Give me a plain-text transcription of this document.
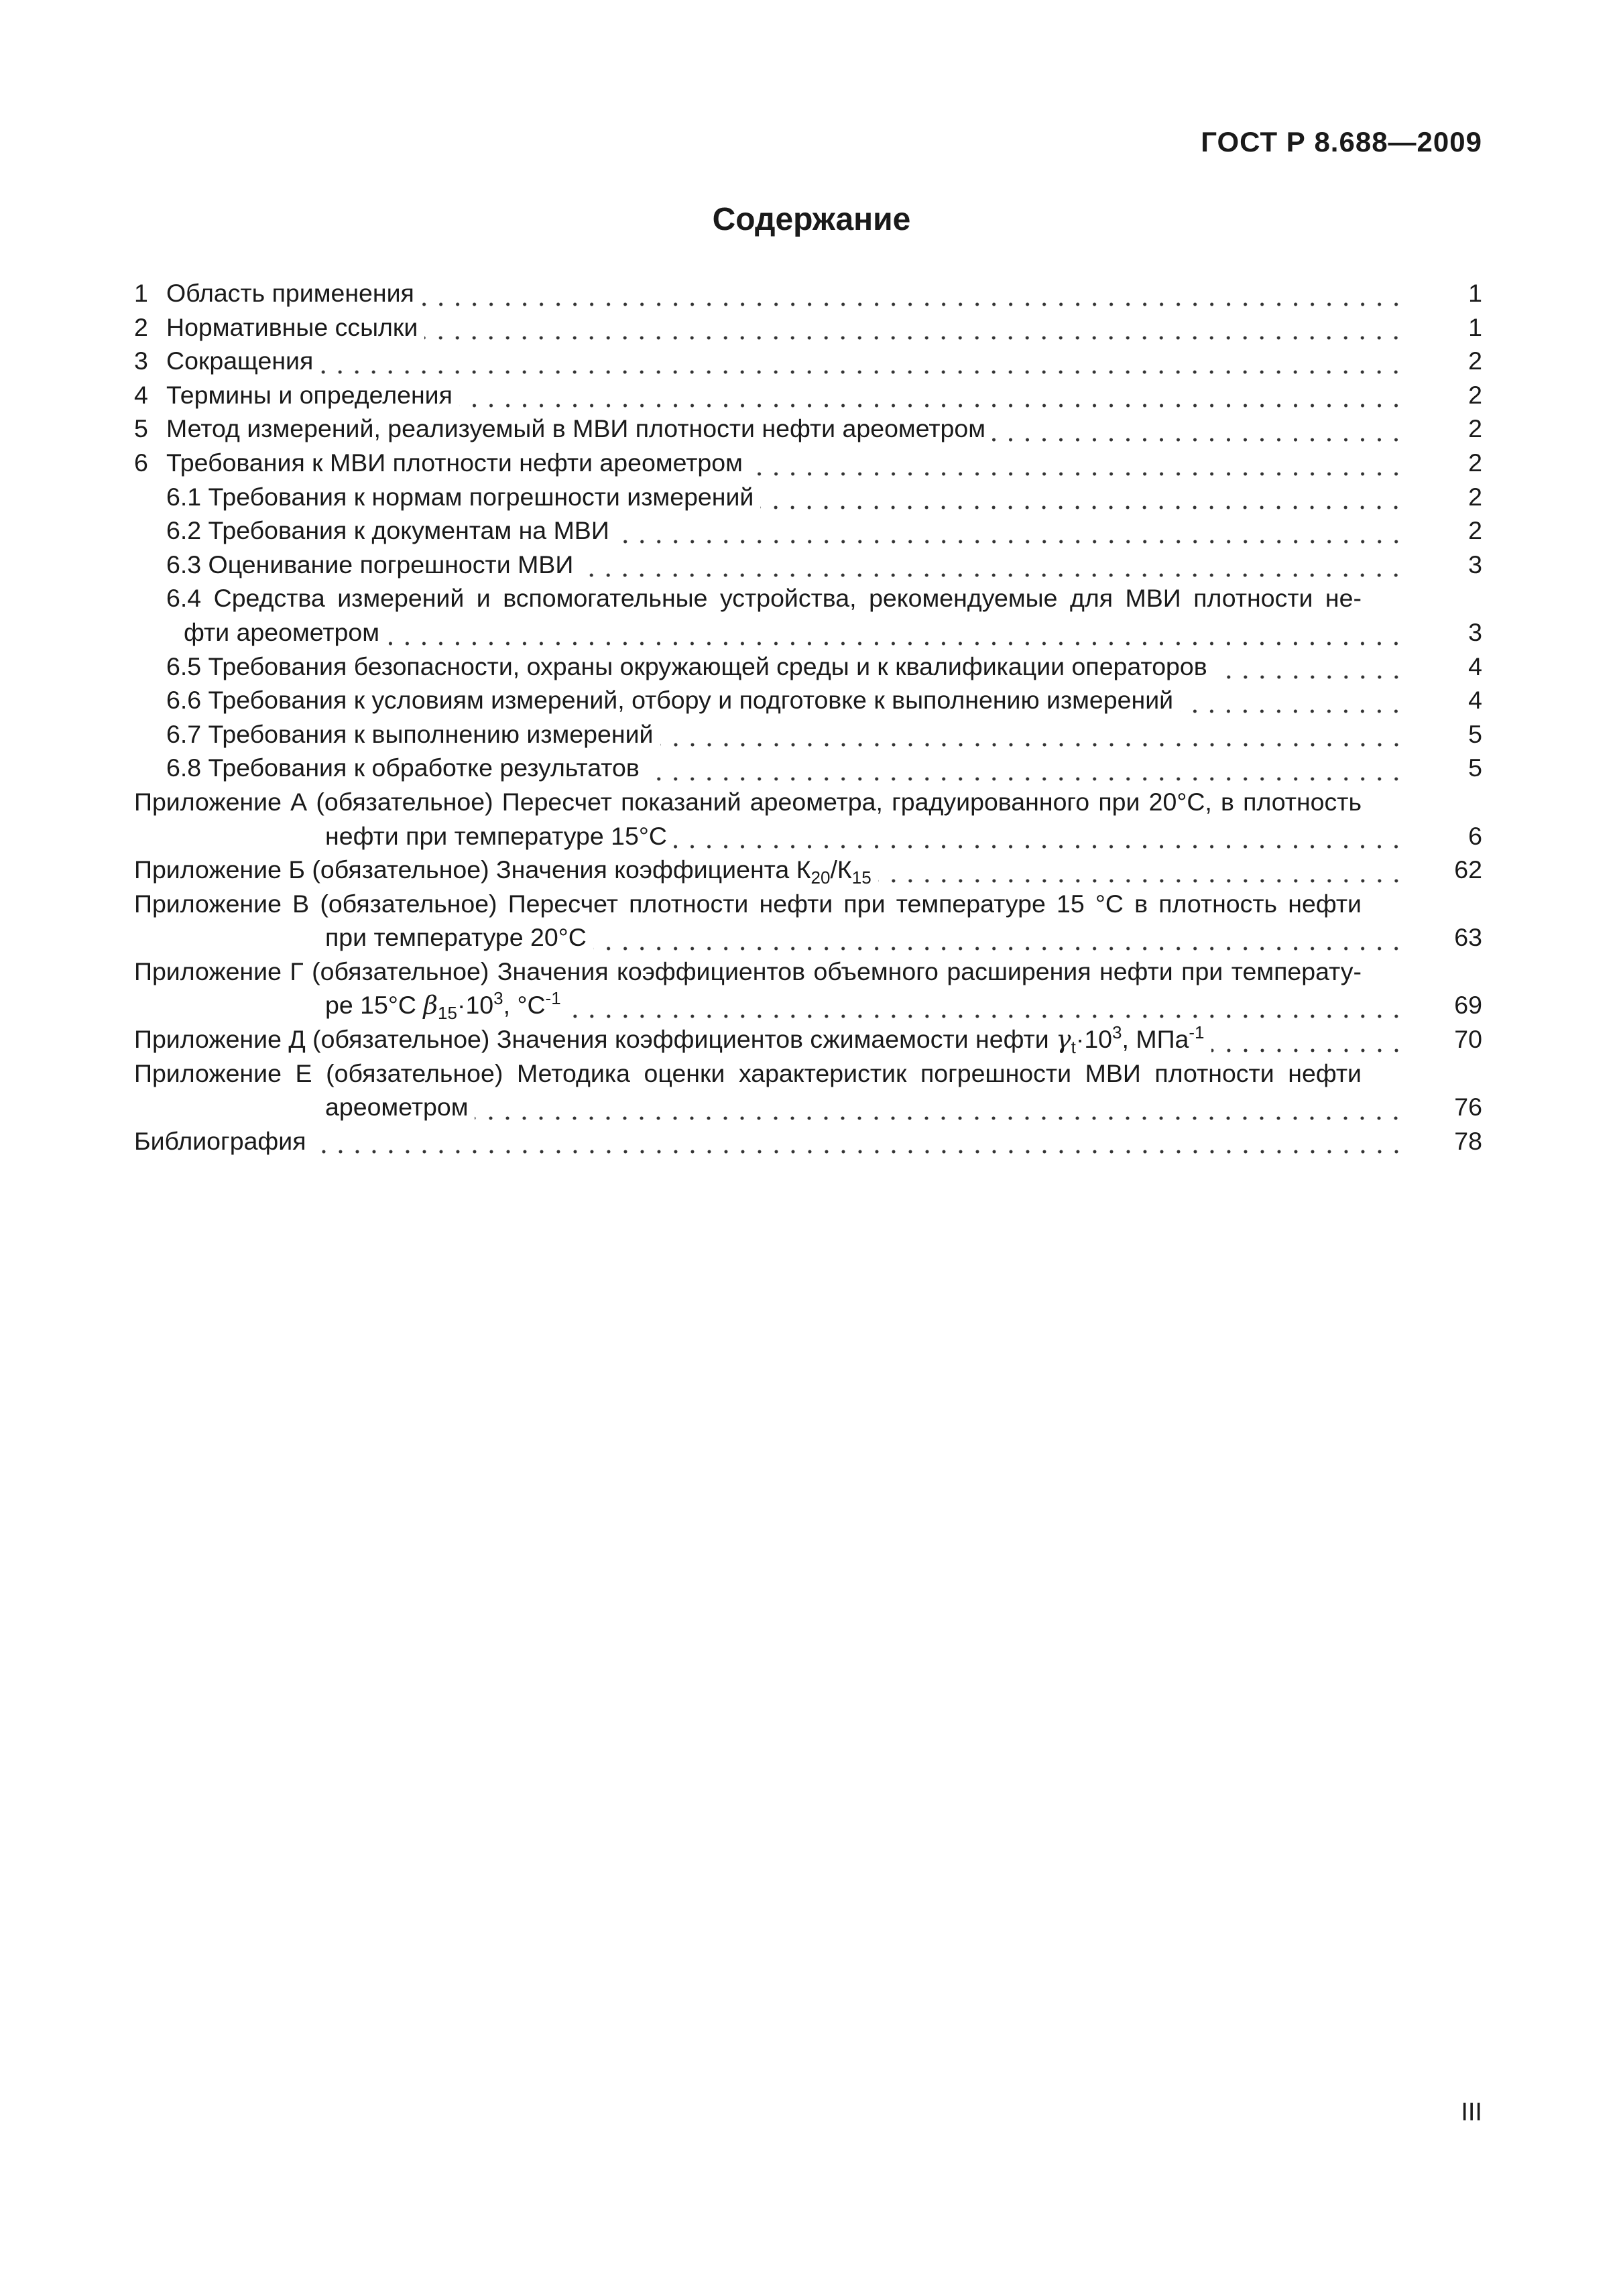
ГОСТ Р 8.688—2009
Содержание
1 Область применения	1
2 Нормативные ссылки	1
3 Сокращения	2
4 Термины и определения	2
5 Метод измерений, реализуемый в МВИ плотности нефти ареометром	2
6 Требования к МВИ плотности нефти ареометром	2
6.1 Требования к нормам погрешности измерений	2
6.2 Требования к документам на МВИ	2
6.3 Оценивание погрешности МВИ	3
6.4 Средства измерений и вспомогательные устройства, рекомендуемые для МВИ плотности не-
фти ареометром	3
6.5 Требования безопасности, охраны окружающей среды и к квалификации операторов	4
6.6 Требования к условиям измерений, отбору и подготовке к выполнению измерений	4
6.7 Требования к выполнению измерений	5
6.8 Требования к обработке результатов	5
Приложение А (обязательное) Пересчет показаний ареометра, градуированного при 20°С, в плотность
нефти при температуре 15°С	6
Приложение Б (обязательное) Значения коэффициента $К_{20}/К_{15}$	62
Приложение В (обязательное) Пересчет плотности нефти при температуре 15 °С в плотность нефти
при температуре 20°С	63
Приложение Г (обязательное) Значения коэффициентов объемного расширения нефти при температу-
ре 15°С $\beta_{15}\cdot 10^3$, $^\circ С^{-1}$	69
Приложение Д (обязательное) Значения коэффициентов сжимаемости нефти $\gamma_t\cdot 10^3$, МПа$^{-1}$	70
Приложение Е (обязательное) Методика оценки характеристик погрешности МВИ плотности нефти
ареометром	76
Библиография	78
III
